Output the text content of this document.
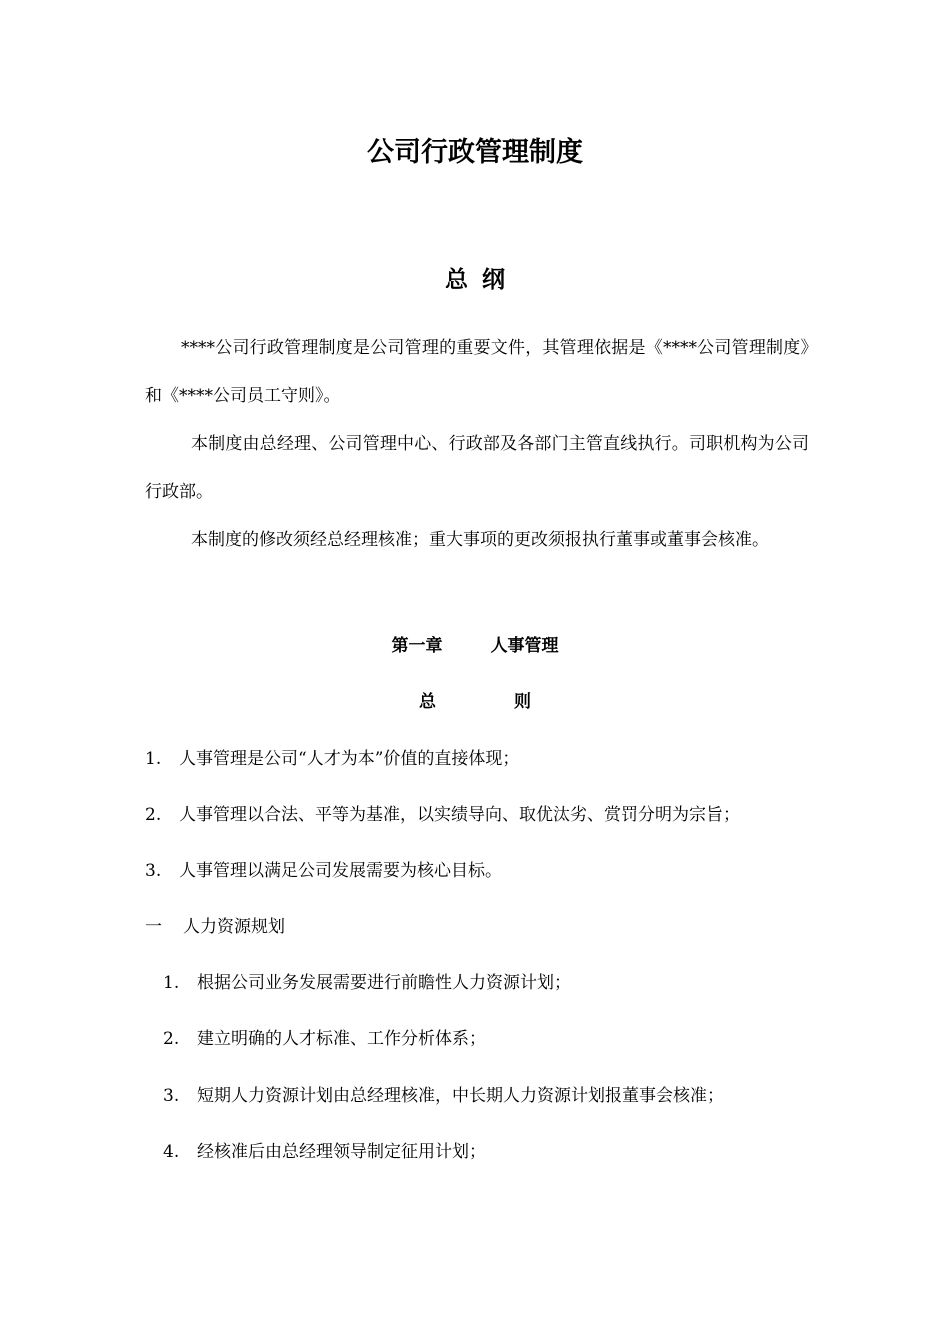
公司行政管理制度
总纲

****公司行政管理制度是公司管理的重要文件，其管理依据是《****公司管理制度》和《****公司员工守则》。

本制度由总经理、公司管理中心、行政部及各部门主管直线执行。司职机构为公司行政部。

本制度的修改须经总经理核准；重大事项的更改须报执行董事或董事会核准。

第一章	人事管理
总	则
1. 人事管理是公司“人才为本”价值的直接体现；
2. 人事管理以合法、平等为基准，以实绩导向、取优汰劣、赏罚分明为宗旨；
3. 人事管理以满足公司发展需要为核心目标。
一 人力资源规划
1. 根据公司业务发展需要进行前瞻性人力资源计划；
2. 建立明确的人才标准、工作分析体系；
3. 短期人力资源计划由总经理核准，中长期人力资源计划报董事会核准；
4. 经核准后由总经理领导制定征用计划；
